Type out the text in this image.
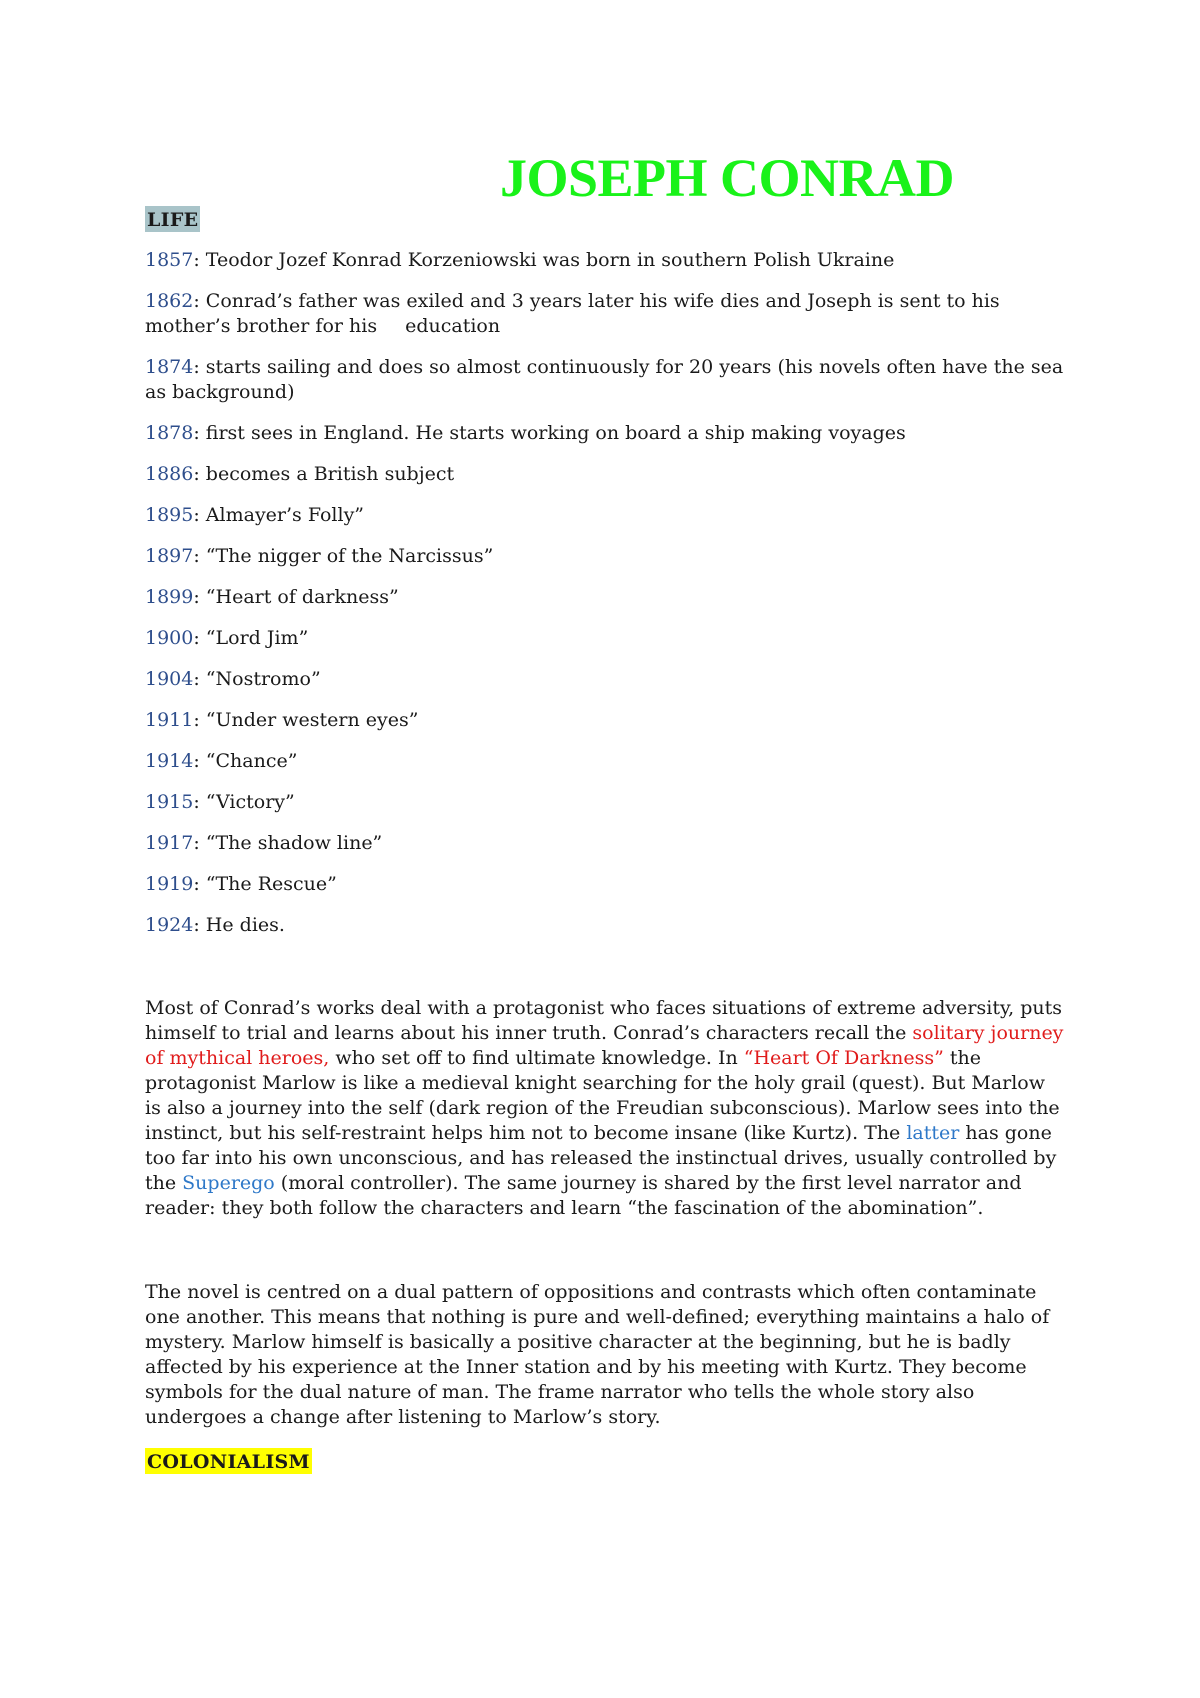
JOSEPH CONRAD
LIFE
1857: Teodor Jozef Konrad Korzeniowski was born in southern Polish Ukraine
1862: Conrad’s father was exiled and 3 years later his wife dies and Joseph is sent to his mother’s brother for his education
1874: starts sailing and does so almost continuously for 20 years (his novels often have the sea as background)
1878: first sees in England. He starts working on board a ship making voyages
1886: becomes a British subject
1895: Almayer’s Folly”
1897: “The nigger of the Narcissus”
1899: “Heart of darkness”
1900: “Lord Jim”
1904: “Nostromo”
1911: “Under western eyes”
1914: “Chance”
1915: “Victory”
1917: “The shadow line”
1919: “The Rescue”
1924: He dies.

Most of Conrad’s works deal with a protagonist who faces situations of extreme adversity, puts himself to trial and learns about his inner truth. Conrad’s characters recall the solitary journey of mythical heroes, who set off to find ultimate knowledge. In “Heart Of Darkness” the protagonist Marlow is like a medieval knight searching for the holy grail (quest). But Marlow is also a journey into the self (dark region of the Freudian subconscious). Marlow sees into the instinct, but his self-restraint helps him not to become insane (like Kurtz). The latter has gone too far into his own unconscious, and has released the instinctual drives, usually controlled by the Superego (moral controller). The same journey is shared by the first level narrator and reader: they both follow the characters and learn “the fascination of the abomination”.

The novel is centred on a dual pattern of oppositions and contrasts which often contaminate one another. This means that nothing is pure and well-defined; everything maintains a halo of mystery. Marlow himself is basically a positive character at the beginning, but he is badly affected by his experience at the Inner station and by his meeting with Kurtz. They become symbols for the dual nature of man. The frame narrator who tells the whole story also undergoes a change after listening to Marlow’s story.

COLONIALISM
